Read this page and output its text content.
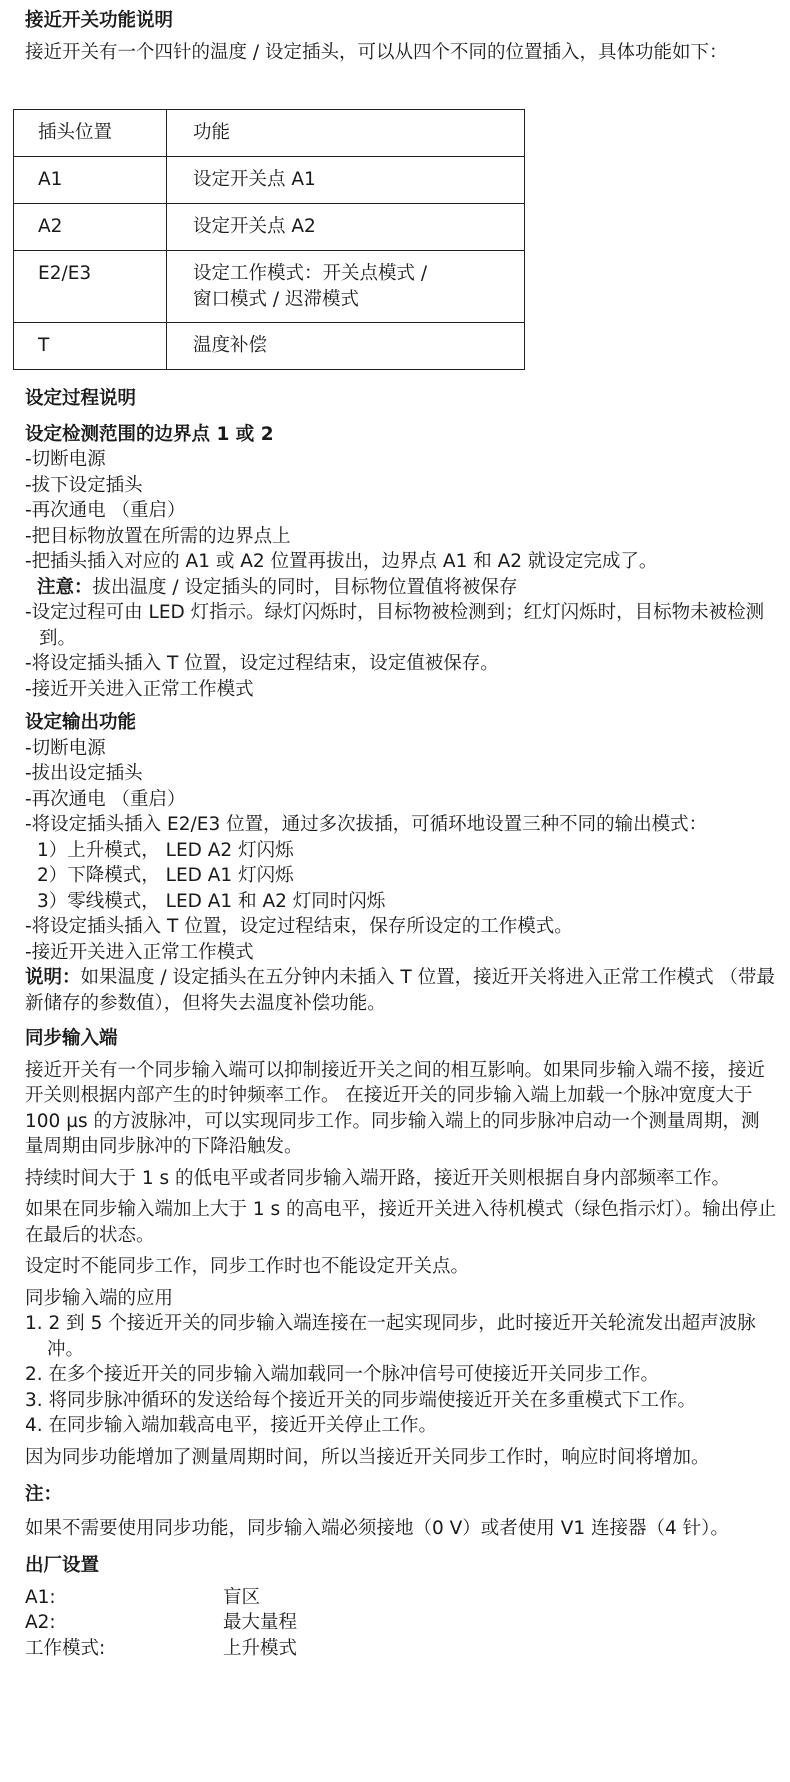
接近开关功能说明

接近开关有一个四针的温度 / 设定插头，可以从四个不同的位置插入，具体功能如下：

插头位置	功能
A1	设定开关点 A1
A2	设定开关点 A2
E2/E3	设定工作模式：开关点模式 /
窗口模式 / 迟滞模式
T	温度补偿

设定过程说明

设定检测范围的边界点 1 或 2

-切断电源

-拔下设定插头

-再次通电 （重启）

-把目标物放置在所需的边界点上

-把插头插入对应的 A1 或 A2 位置再拔出，边界点 A1 和 A2 就设定完成了。

注意：拔出温度 / 设定插头的同时，目标物位置值将被保存

-设定过程可由 LED 灯指示。绿灯闪烁时，目标物被检测到；红灯闪烁时，目标物未被检测到。

-将设定插头插入 T 位置，设定过程结束，设定值被保存。

-接近开关进入正常工作模式

设定输出功能

-切断电源

-拔出设定插头

-再次通电 （重启）

-将设定插头插入 E2/E3 位置，通过多次拔插，可循环地设置三种不同的输出模式：

1）上升模式， LED A2 灯闪烁

2）下降模式， LED A1 灯闪烁

3）零线模式， LED A1 和 A2 灯同时闪烁

-将设定插头插入 T 位置，设定过程结束，保存所设定的工作模式。

-接近开关进入正常工作模式

说明：如果温度 / 设定插头在五分钟内未插入 T 位置，接近开关将进入正常工作模式 （带最新储存的参数值），但将失去温度补偿功能。

同步输入端

接近开关有一个同步输入端可以抑制接近开关之间的相互影响。如果同步输入端不接，接近开关则根据内部产生的时钟频率工作。 在接近开关的同步输入端上加载一个脉冲宽度大于 100 µs 的方波脉冲，可以实现同步工作。同步输入端上的同步脉冲启动一个测量周期，测量周期由同步脉冲的下降沿触发。

持续时间大于 1 s 的低电平或者同步输入端开路，接近开关则根据自身内部频率工作。

如果在同步输入端加上大于 1 s 的高电平，接近开关进入待机模式（绿色指示灯）。输出停止在最后的状态。

设定时不能同步工作，同步工作时也不能设定开关点。

同步输入端的应用

1. 2 到 5 个接近开关的同步输入端连接在一起实现同步，此时接近开关轮流发出超声波脉冲。

2. 在多个接近开关的同步输入端加载同一个脉冲信号可使接近开关同步工作。

3. 将同步脉冲循环的发送给每个接近开关的同步端使接近开关在多重模式下工作。

4. 在同步输入端加载高电平，接近开关停止工作。

因为同步功能增加了测量周期时间，所以当接近开关同步工作时，响应时间将增加。

注：

如果不需要使用同步功能，同步输入端必须接地（0 V）或者使用 V1 连接器（4 针）。

出厂设置

A1:	盲区
A2:	最大量程
工作模式:	上升模式
